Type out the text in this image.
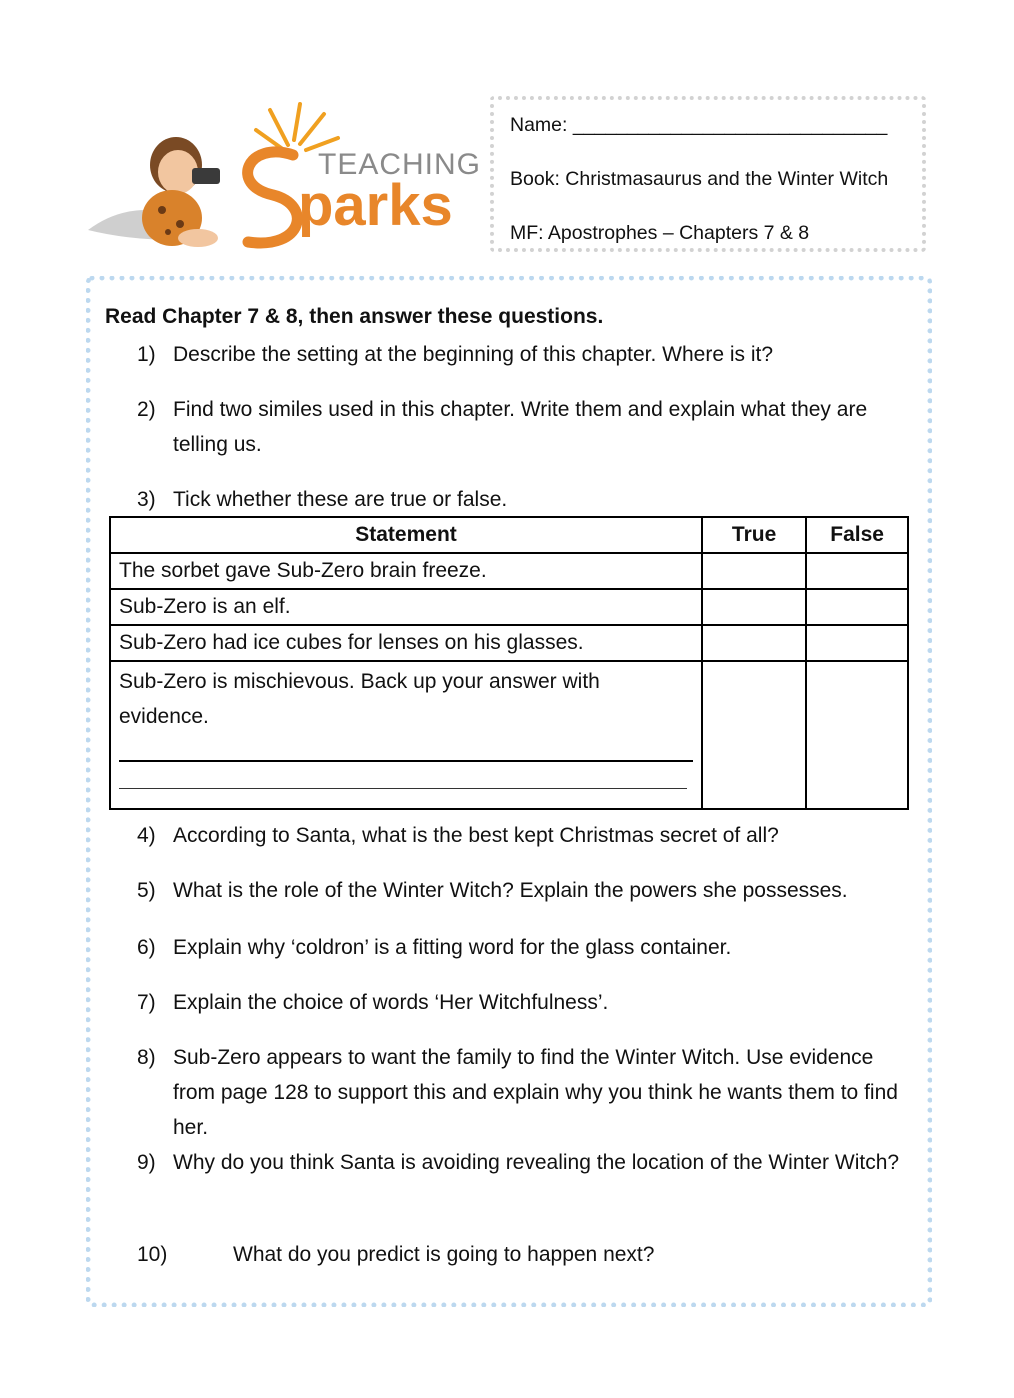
TEACHING
parks
Name: _____________________________
Book: Christmasaurus and the Winter Witch
MF: Apostrophes – Chapters 7 & 8
Read Chapter 7 & 8, then answer these questions.
1) Describe the setting at the beginning of this chapter. Where is it?
2) Find two similes used in this chapter. Write them and explain what they are telling us.
3) Tick whether these are true or false.
Statement	True	False
The sorbet gave Sub-Zero brain freeze.		
Sub-Zero is an elf.		
Sub-Zero had ice cubes for lenses on his glasses.		
Sub-Zero is mischievous. Back up your answer with evidence.

4) According to Santa, what is the best kept Christmas secret of all?
5) What is the role of the Winter Witch? Explain the powers she possesses.
6) Explain why ‘coldron’ is a fitting word for the glass container.
7) Explain the choice of words ‘Her Witchfulness’.
8) Sub-Zero appears to want the family to find the Winter Witch. Use evidence from page 128 to support this and explain why you think he wants them to find her.
9) Why do you think Santa is avoiding revealing the location of the Winter Witch?
10)	What do you predict is going to happen next?
